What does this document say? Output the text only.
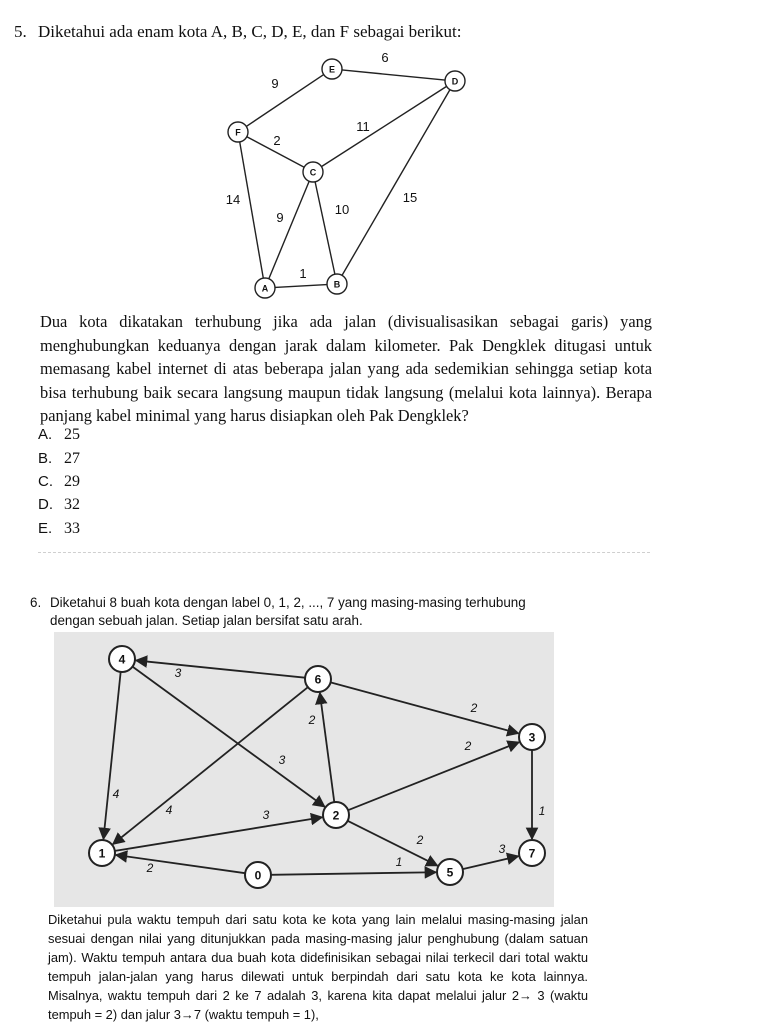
5. Diketahui ada enam kota A, B, C, D, E, dan F sebagai berikut:
6
9
2
11
14
9
10
15
1
E
D
F
C
A	B
Dua kota dikatakan terhubung jika ada jalan (divisualisasikan sebagai garis) yang menghubungkan keduanya dengan jarak dalam kilometer. Pak Dengklek ditugasi untuk memasang kabel internet di atas beberapa jalan yang ada sedemikian sehingga setiap kota bisa terhubung baik secara langsung maupun tidak langsung (melalui kota lainnya). Berapa panjang kabel minimal yang harus disiapkan oleh Pak Dengklek?
A. 25
B. 27
C. 29
D. 32
E. 33
6. Diketahui 8 buah kota dengan label 0, 1, 2, ..., 7 yang masing-masing terhubung
dengan sebuah jalan. Setiap jalan bersifat satu arah.
3
2
3
4
2
4
2
3
2
2	1
3
1
4
6
3
2
1
0	5
7
Diketahui pula waktu tempuh dari satu kota ke kota yang lain melalui masing-masing jalan sesuai dengan nilai yang ditunjukkan pada masing-masing jalur penghubung (dalam satuan jam). Waktu tempuh antara dua buah kota didefinisikan sebagai nilai terkecil dari total waktu tempuh jalan-jalan yang harus dilewati untuk berpindah dari satu kota ke kota lainnya. Misalnya, waktu tempuh dari 2 ke 7 adalah 3, karena kita dapat melalui jalur 2→ 3 (waktu tempuh = 2) dan jalur 3→7 (waktu tempuh = 1),
